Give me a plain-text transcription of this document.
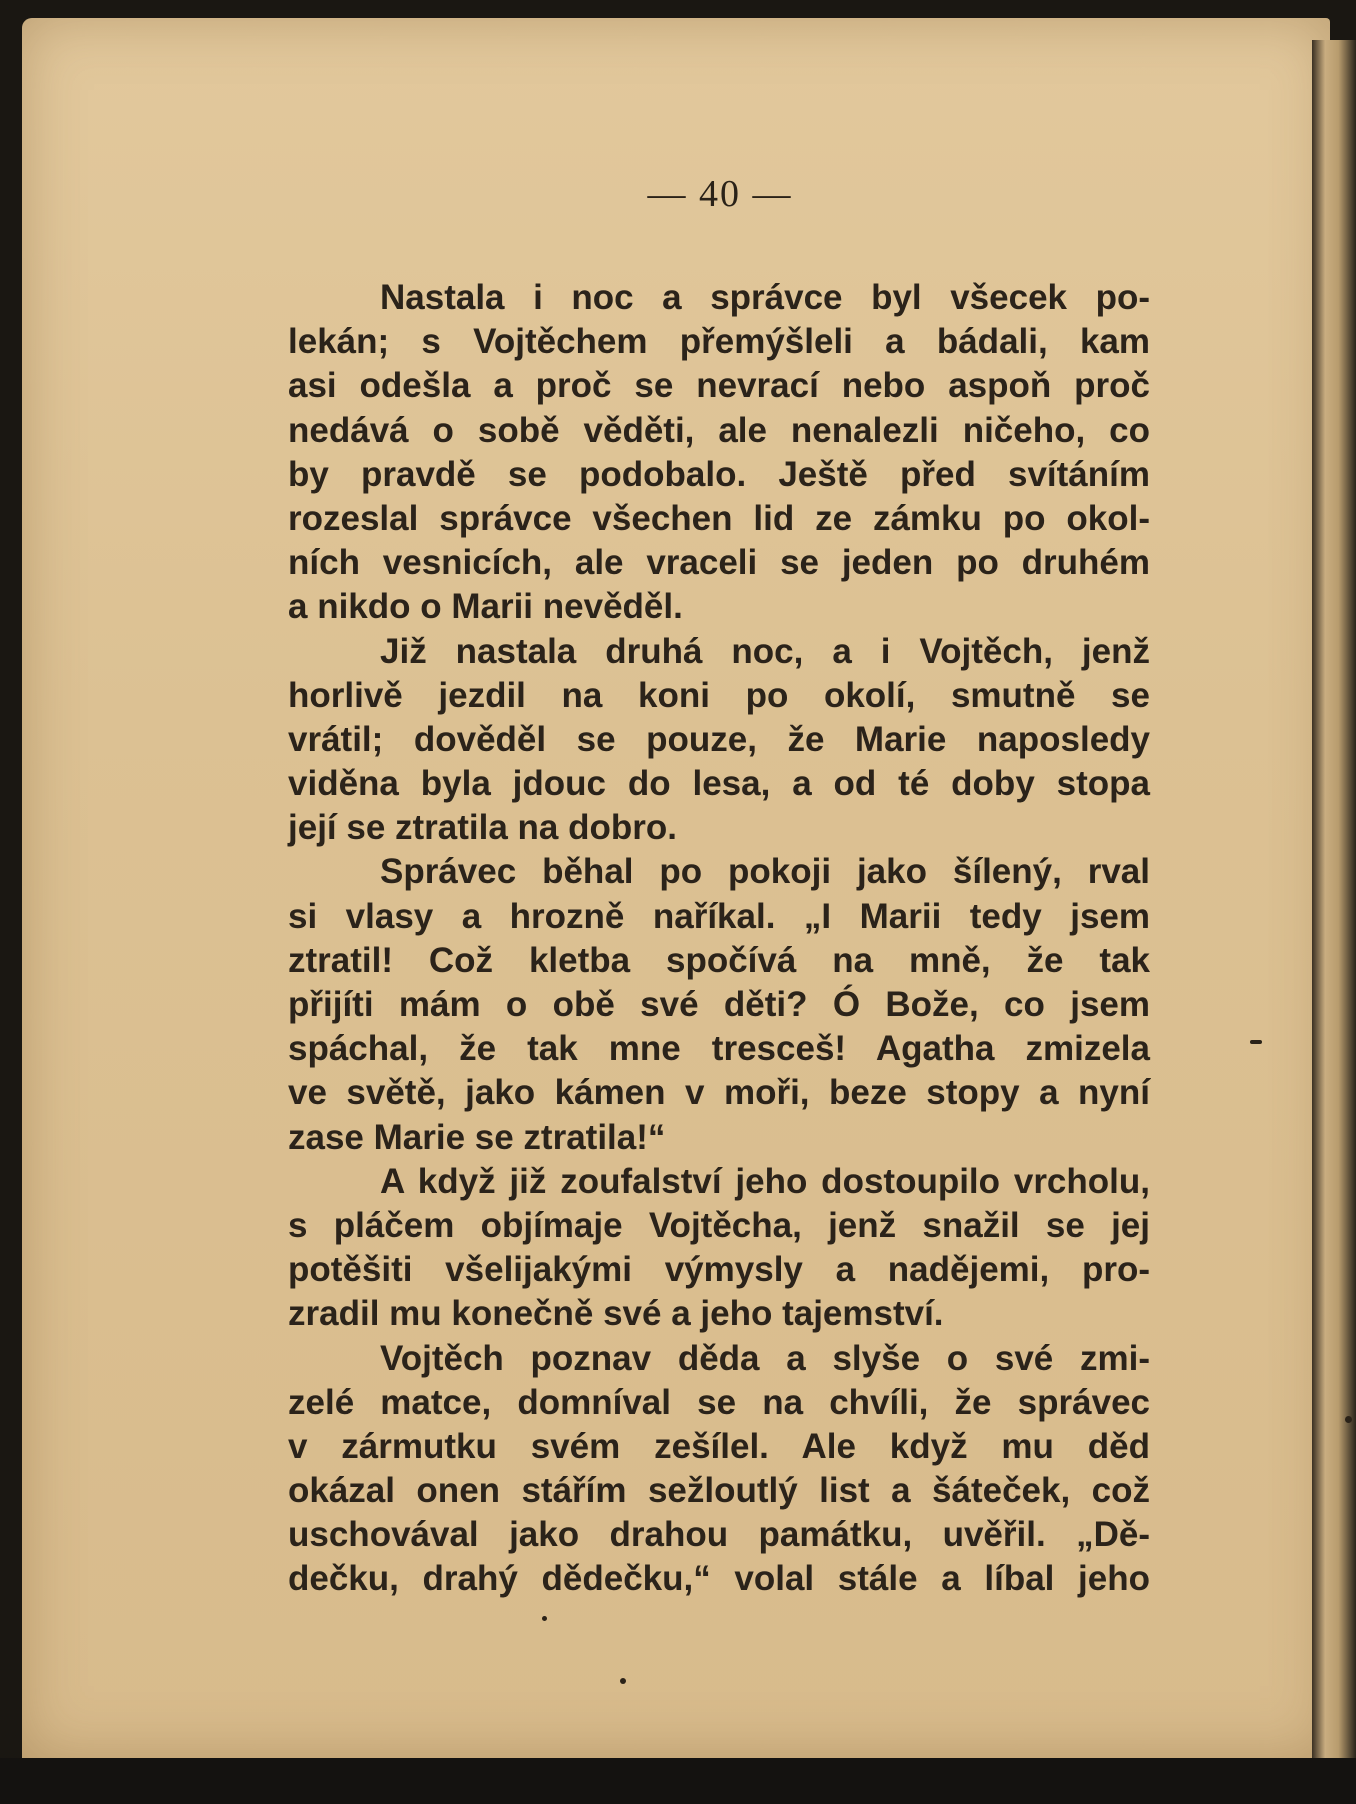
— 40 —
Nastala i noc a správce byl všecek po-
lekán; s Vojtěchem přemýšleli a bádali, kam
asi odešla a proč se nevrací nebo aspoň proč
nedává o sobě věděti, ale nenalezli ničeho, co
by pravdě se podobalo. Ještě před svítáním
rozeslal správce všechen lid ze zámku po okol-
ních vesnicích, ale vraceli se jeden po druhém
a nikdo o Marii nevěděl.
Již nastala druhá noc, a i Vojtěch, jenž
horlivě jezdil na koni po okolí, smutně se
vrátil; dověděl se pouze, že Marie naposledy
viděna byla jdouc do lesa, a od té doby stopa
její se ztratila na dobro.
Správec běhal po pokoji jako šílený, rval
si vlasy a hrozně naříkal. „I Marii tedy jsem
ztratil! Což kletba spočívá na mně, že tak
přijíti mám o obě své děti? Ó Bože, co jsem
spáchal, že tak mne tresceš! Agatha zmizela
ve světě, jako kámen v moři, beze stopy a nyní
zase Marie se ztratila!“
A když již zoufalství jeho dostoupilo vrcholu,
s pláčem objímaje Vojtěcha, jenž snažil se jej
potěšiti všelijakými výmysly a nadějemi, pro-
zradil mu konečně své a jeho tajemství.
Vojtěch poznav děda a slyše o své zmi-
zelé matce, domníval se na chvíli, že správec
v zármutku svém zešílel. Ale když mu děd
okázal onen stářím sežloutlý list a šáteček, což
uschovával jako drahou památku, uvěřil. „Dě-
dečku, drahý dědečku,“ volal stále a líbal jeho
